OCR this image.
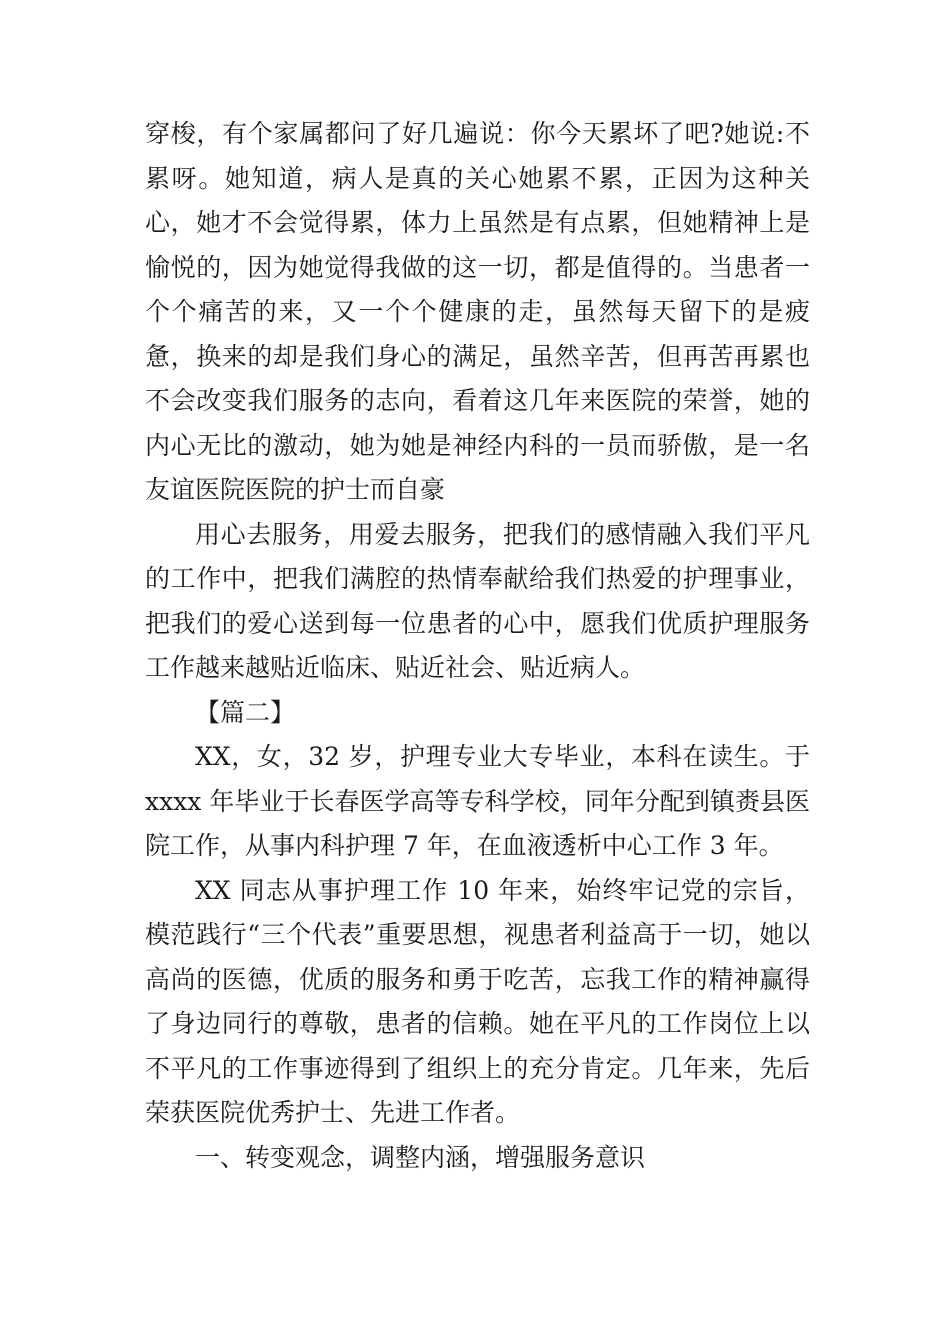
穿梭，有个家属都问了好几遍说：你今天累坏了吧?她说:不累呀。她知道，病人是真的关心她累不累，正因为这种关心，她才不会觉得累，体力上虽然是有点累，但她精神上是愉悦的，因为她觉得我做的这一切，都是值得的。当患者一个个痛苦的来，又一个个健康的走，虽然每天留下的是疲惫，换来的却是我们身心的满足，虽然辛苦，但再苦再累也不会改变我们服务的志向，看着这几年来医院的荣誉，她的内心无比的激动，她为她是神经内科的一员而骄傲，是一名友谊医院医院的护士而自豪

用心去服务，用爱去服务，把我们的感情融入我们平凡的工作中，把我们满腔的热情奉献给我们热爱的护理事业，把我们的爱心送到每一位患者的心中，愿我们优质护理服务工作越来越贴近临床、贴近社会、贴近病人。

【篇二】

XX，女，32 岁，护理专业大专毕业，本科在读生。于 xxxx 年毕业于长春医学高等专科学校，同年分配到镇赉县医院工作，从事内科护理 7 年，在血液透析中心工作 3 年。

XX 同志从事护理工作 10 年来，始终牢记党的宗旨，模范践行“三个代表”重要思想，视患者利益高于一切，她以高尚的医德，优质的服务和勇于吃苦，忘我工作的精神赢得了身边同行的尊敬，患者的信赖。她在平凡的工作岗位上以不平凡的工作事迹得到了组织上的充分肯定。几年来，先后荣获医院优秀护士、先进工作者。

一、转变观念，调整内涵，增强服务意识
